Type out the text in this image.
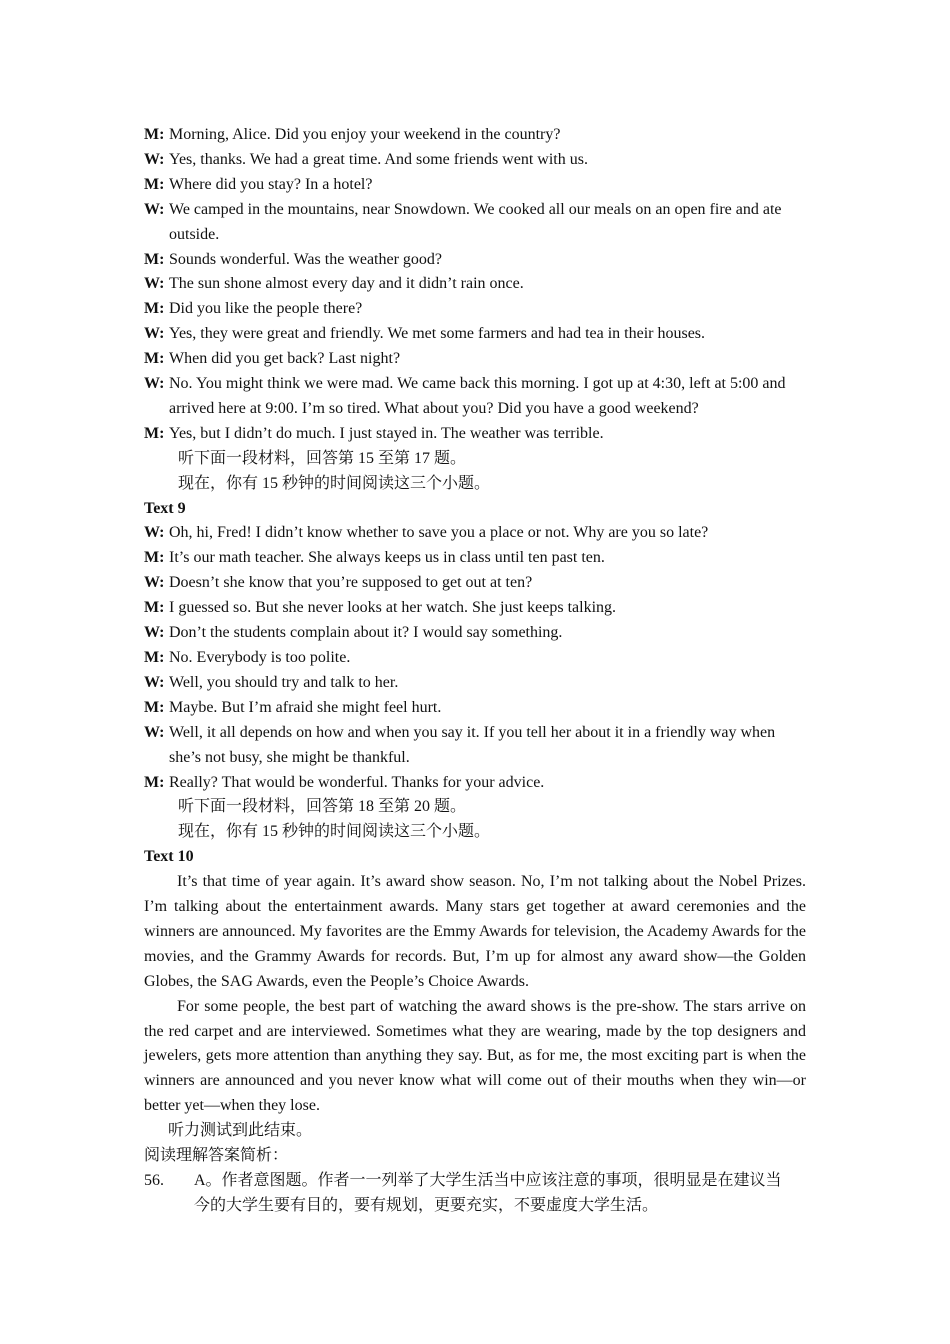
M: Morning, Alice. Did you enjoy your weekend in the country?
W: Yes, thanks. We had a great time. And some friends went with us.
M: Where did you stay? In a hotel?
W: We camped in the mountains, near Snowdown. We cooked all our meals on an open fire and ate outside.
M: Sounds wonderful. Was the weather good?
W: The sun shone almost every day and it didn’t rain once.
M: Did you like the people there?
W: Yes, they were great and friendly. We met some farmers and had tea in their houses.
M: When did you get back? Last night?
W: No. You might think we were mad. We came back this morning. I got up at 4:30, left at 5:00 and arrived here at 9:00. I’m so tired. What about you? Did you have a good weekend?
M: Yes, but I didn’t do much. I just stayed in. The weather was terrible.
听下面一段材料，回答第 15 至第 17 题。
现在，你有 15 秒钟的时间阅读这三个小题。
Text 9
W: Oh, hi, Fred! I didn’t know whether to save you a place or not. Why are you so late?
M: It’s our math teacher. She always keeps us in class until ten past ten.
W: Doesn’t she know that you’re supposed to get out at ten?
M: I guessed so. But she never looks at her watch. She just keeps talking.
W: Don’t the students complain about it? I would say something.
M: No. Everybody is too polite.
W: Well, you should try and talk to her.
M: Maybe. But I’m afraid she might feel hurt.
W: Well, it all depends on how and when you say it. If you tell her about it in a friendly way when she’s not busy, she might be thankful.
M: Really? That would be wonderful. Thanks for your advice.
听下面一段材料，回答第 18 至第 20 题。
现在，你有 15 秒钟的时间阅读这三个小题。
Text 10
It’s that time of year again. It’s award show season. No, I’m not talking about the Nobel Prizes. I’m talking about the entertainment awards. Many stars get together at award ceremonies and the winners are announced. My favorites are the Emmy Awards for television, the Academy Awards for the movies, and the Grammy Awards for records. But, I’m up for almost any award show—the Golden Globes, the SAG Awards, even the People’s Choice Awards.
For some people, the best part of watching the award shows is the pre-show. The stars arrive on the red carpet and are interviewed. Sometimes what they are wearing, made by the top designers and jewelers, gets more attention than anything they say. But, as for me, the most exciting part is when the winners are announced and you never know what will come out of their mouths when they win—or better yet—when they lose.
听力测试到此结束。
阅读理解答案简析：
56. A。作者意图题。作者一一列举了大学生活当中应该注意的事项，很明显是在建议当
今的大学生要有目的，要有规划，更要充实，不要虚度大学生活。
